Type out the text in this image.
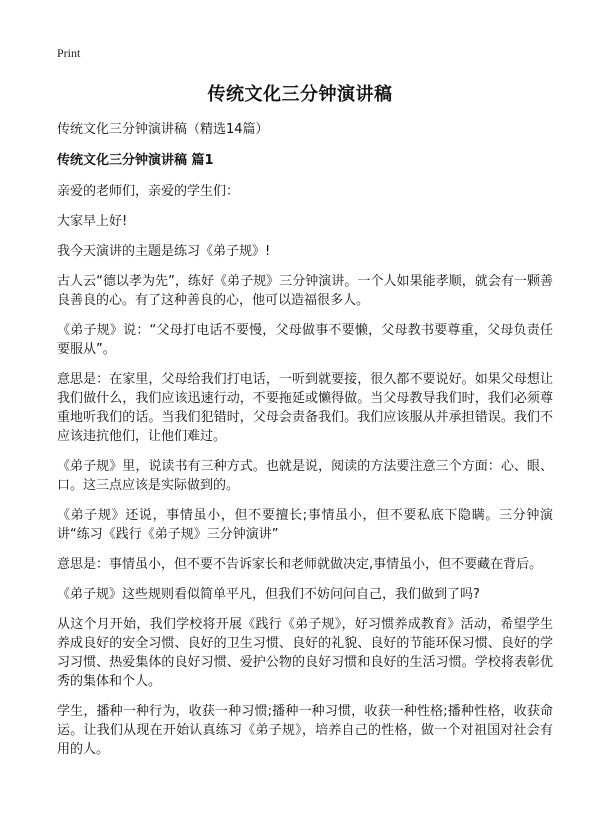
Print
传统文化三分钟演讲稿

传统文化三分钟演讲稿（精选14篇）

传统文化三分钟演讲稿 篇1

亲爱的老师们，亲爱的学生们：

大家早上好!

我今天演讲的主题是练习《弟子规》!

古人云“德以孝为先”，练好《弟子规》三分钟演讲。一个人如果能孝顺，就会有一颗善良善良的心。有了这种善良的心，他可以造福很多人。

《弟子规》说：“父母打电话不要慢，父母做事不要懒，父母教书要尊重，父母负责任要服从”。

意思是：在家里，父母给我们打电话，一听到就要接，很久都不要说好。如果父母想让我们做什么，我们应该迅速行动，不要拖延或懒得做。当父母教导我们时，我们必须尊重地听我们的话。当我们犯错时，父母会责备我们。我们应该服从并承担错误。我们不应该违抗他们，让他们难过。

《弟子规》里，说读书有三种方式。也就是说，阅读的方法要注意三个方面：心、眼、口。这三点应该是实际做到的。

《弟子规》还说，事情虽小，但不要擅长;事情虽小，但不要私底下隐瞒。三分钟演讲“练习《践行《弟子规》三分钟演讲”

意思是：事情虽小，但不要不告诉家长和老师就做决定,事情虽小，但不要藏在背后。

《弟子规》这些规则看似简单平凡，但我们不妨问问自己，我们做到了吗?

从这个月开始，我们学校将开展《践行《弟子规》，好习惯养成教育》活动，希望学生养成良好的安全习惯、良好的卫生习惯、良好的礼貌、良好的节能环保习惯、良好的学习习惯、热爱集体的良好习惯、爱护公物的良好习惯和良好的生活习惯。学校将表彰优秀的集体和个人。

学生，播种一种行为，收获一种习惯;播种一种习惯，收获一种性格;播种性格，收获命运。让我们从现在开始认真练习《弟子规》，培养自己的性格，做一个对祖国对社会有用的人。
